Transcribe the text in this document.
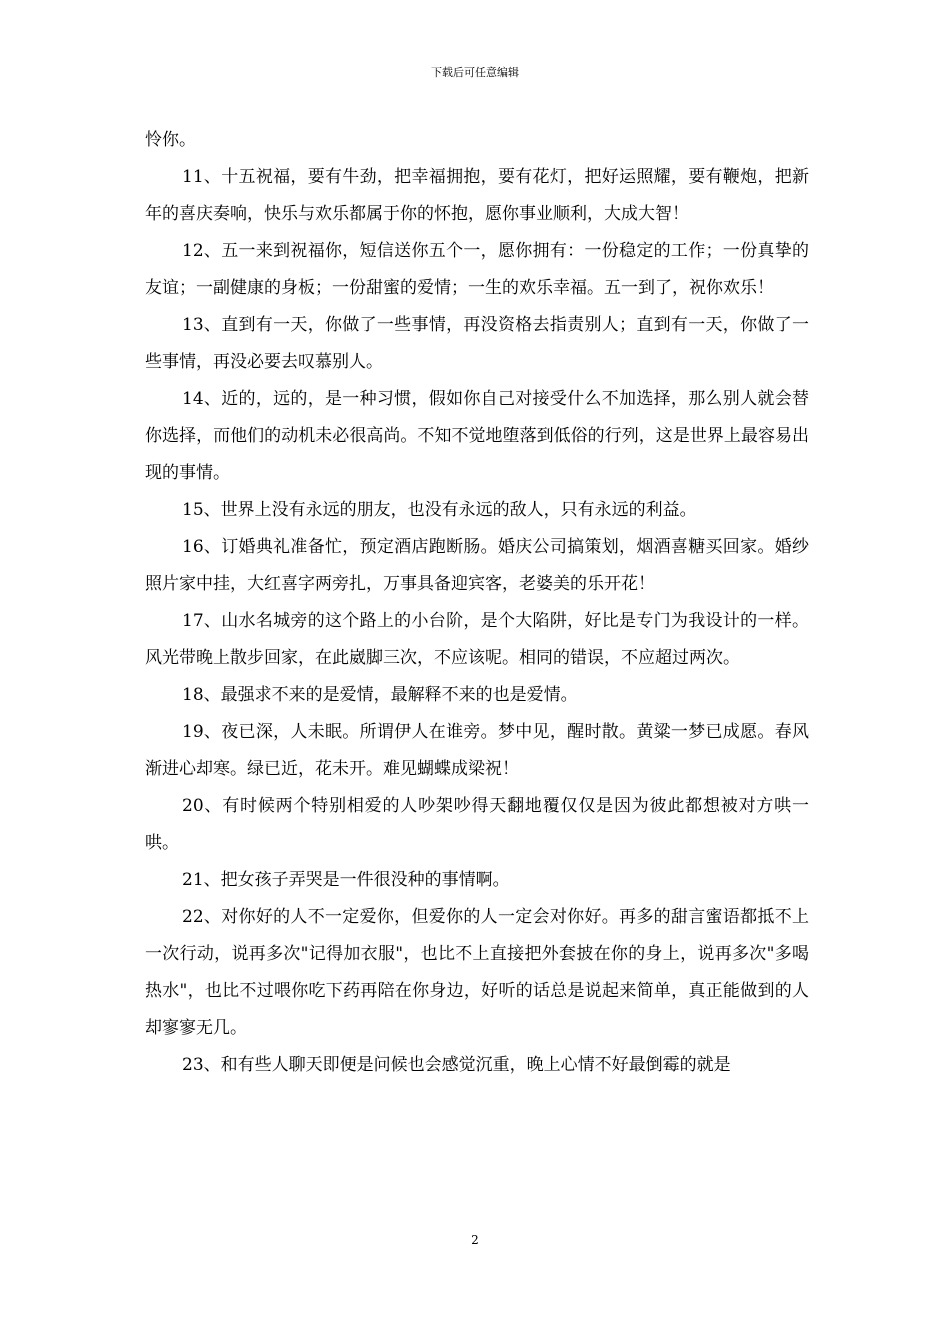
下载后可任意编辑

怜你。

11、十五祝福，要有牛劲，把幸福拥抱，要有花灯，把好运照耀，要有鞭炮，把新年的喜庆奏响，快乐与欢乐都属于你的怀抱，愿你事业顺利，大成大智！

12、五一来到祝福你，短信送你五个一，愿你拥有：一份稳定的工作；一份真挚的友谊；一副健康的身板；一份甜蜜的爱情；一生的欢乐幸福。五一到了，祝你欢乐！

13、直到有一天，你做了一些事情，再没资格去指责别人；直到有一天，你做了一些事情，再没必要去叹慕别人。

14、近的，远的，是一种习惯，假如你自己对接受什么不加选择，那么别人就会替你选择，而他们的动机未必很高尚。不知不觉地堕落到低俗的行列，这是世界上最容易出现的事情。

15、世界上没有永远的朋友，也没有永远的敌人，只有永远的利益。

16、订婚典礼准备忙，预定酒店跑断肠。婚庆公司搞策划，烟酒喜糖买回家。婚纱照片家中挂，大红喜字两旁扎，万事具备迎宾客，老婆美的乐开花！

17、山水名城旁的这个路上的小台阶，是个大陷阱，好比是专门为我设计的一样。风光带晚上散步回家，在此崴脚三次，不应该呢。相同的错误，不应超过两次。

18、最强求不来的是爱情，最解释不来的也是爱情。

19、夜已深，人未眠。所谓伊人在谁旁。梦中见，醒时散。黄粱一梦已成愿。春风渐进心却寒。绿已近，花未开。难见蝴蝶成梁祝！

20、有时候两个特别相爱的人吵架吵得天翻地覆仅仅是因为彼此都想被对方哄一哄。

21、把女孩子弄哭是一件很没种的事情啊。

22、对你好的人不一定爱你，但爱你的人一定会对你好。再多的甜言蜜语都抵不上一次行动，说再多次"记得加衣服"，也比不上直接把外套披在你的身上，说再多次"多喝热水"，也比不过喂你吃下药再陪在你身边，好听的话总是说起来简单，真正能做到的人却寥寥无几。

23、和有些人聊天即便是问候也会感觉沉重，晚上心情不好最倒霉的就是

2
